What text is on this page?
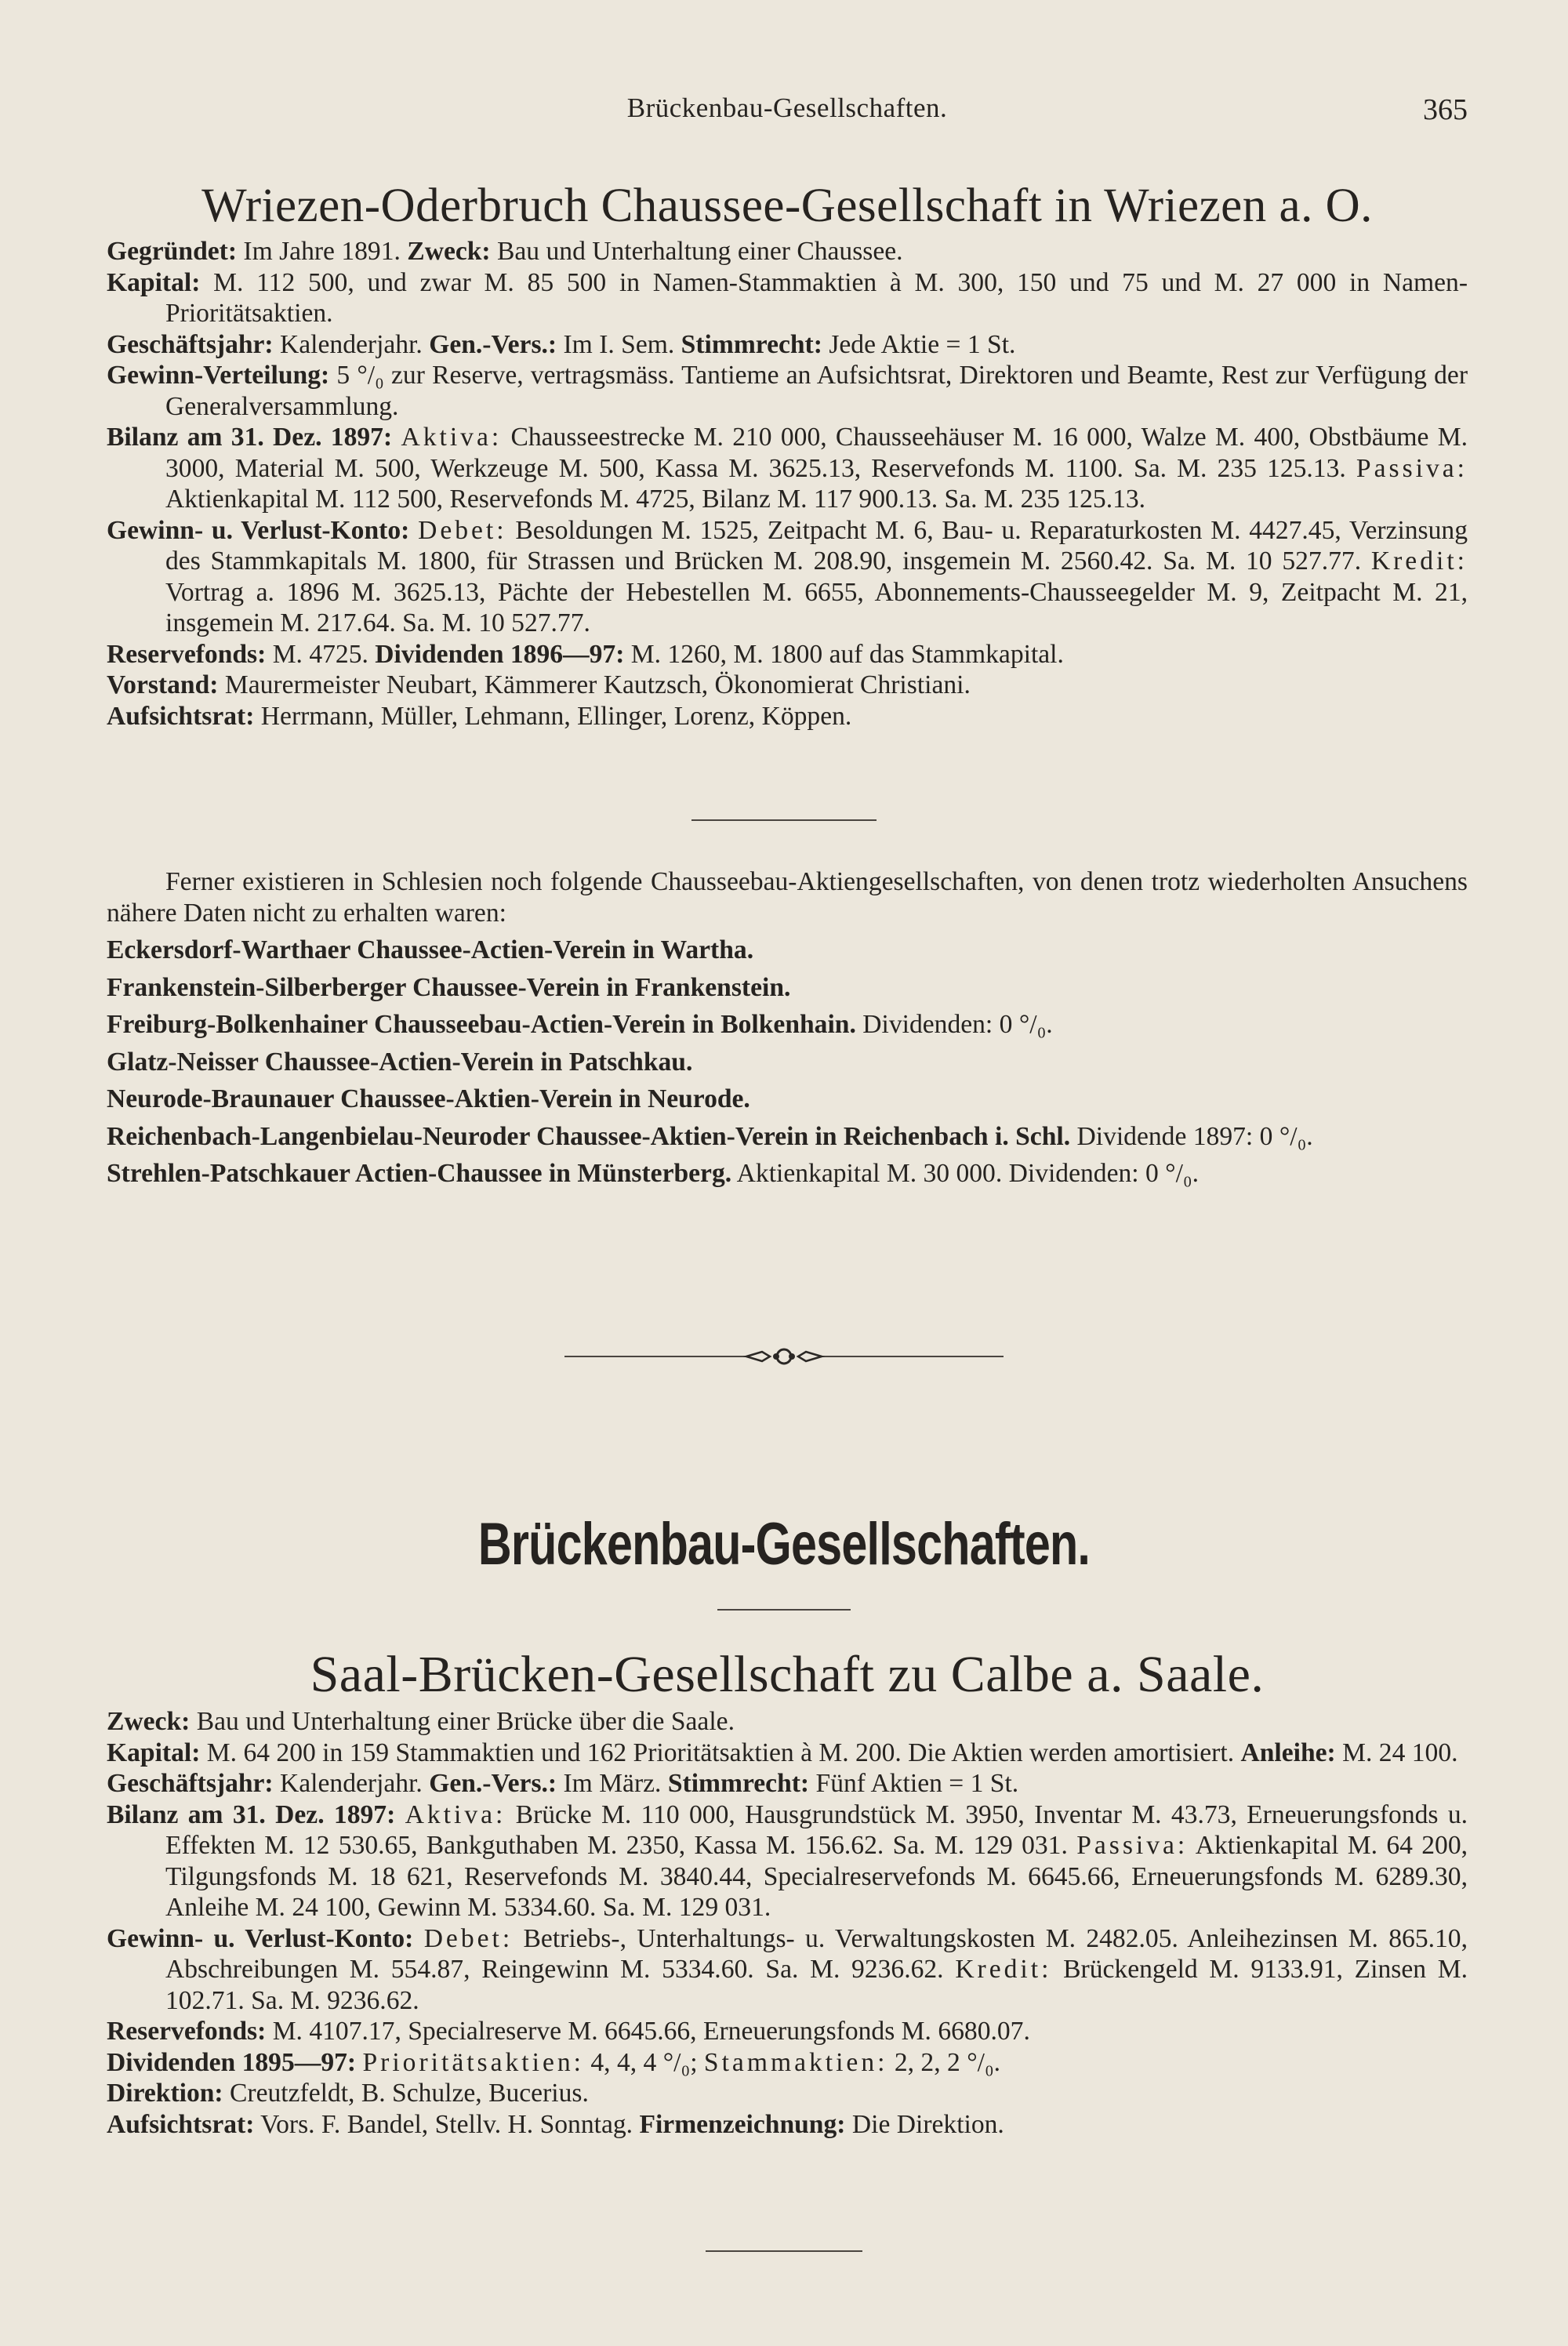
Brückenbau-Gesellschaften.	365
Wriezen-Oderbruch Chaussee-Gesellschaft in Wriezen a. O.
Gegründet: Im Jahre 1891. Zweck: Bau und Unterhaltung einer Chaussee.
Kapital: M. 112 500, und zwar M. 85 500 in Namen-Stammaktien à M. 300, 150 und 75 und M. 27 000 in Namen-Prioritätsaktien.
Geschäftsjahr: Kalenderjahr. Gen.-Vers.: Im I. Sem. Stimmrecht: Jede Aktie = 1 St.
Gewinn-Verteilung: 5 °/₀ zur Reserve, vertragsmäss. Tantieme an Aufsichtsrat, Direktoren und Beamte, Rest zur Verfügung der Generalversammlung.
Bilanz am 31. Dez. 1897: Aktiva: Chausseestrecke M. 210 000, Chausseehäuser M. 16 000, Walze M. 400, Obstbäume M. 3000, Material M. 500, Werkzeuge M. 500, Kassa M. 3625.13, Reservefonds M. 1100. Sa. M. 235 125.13. Passiva: Aktienkapital M. 112 500, Reservefonds M. 4725, Bilanz M. 117 900.13. Sa. M. 235 125.13.
Gewinn- u. Verlust-Konto: Debet: Besoldungen M. 1525, Zeitpacht M. 6, Bau- u. Reparaturkosten M. 4427.45, Verzinsung des Stammkapitals M. 1800, für Strassen und Brücken M. 208.90, insgemein M. 2560.42. Sa. M. 10 527.77. Kredit: Vortrag a. 1896 M. 3625.13, Pächte der Hebestellen M. 6655, Abonnements-Chausseegelder M. 9, Zeitpacht M. 21, insgemein M. 217.64. Sa. M. 10 527.77.
Reservefonds: M. 4725. Dividenden 1896—97: M. 1260, M. 1800 auf das Stammkapital.
Vorstand: Maurermeister Neubart, Kämmerer Kautzsch, Ökonomierat Christiani.
Aufsichtsrat: Herrmann, Müller, Lehmann, Ellinger, Lorenz, Köppen.
Ferner existieren in Schlesien noch folgende Chausseebau-Aktiengesellschaften, von denen trotz wiederholten Ansuchens nähere Daten nicht zu erhalten waren:
Eckersdorf-Warthaer Chaussee-Actien-Verein in Wartha.
Frankenstein-Silberberger Chaussee-Verein in Frankenstein.
Freiburg-Bolkenhainer Chausseebau-Actien-Verein in Bolkenhain. Dividenden: 0 °/₀.
Glatz-Neisser Chaussee-Actien-Verein in Patschkau.
Neurode-Braunauer Chaussee-Aktien-Verein in Neurode.
Reichenbach-Langenbielau-Neuroder Chaussee-Aktien-Verein in Reichenbach i. Schl. Dividende 1897: 0 °/₀.
Strehlen-Patschkauer Actien-Chaussee in Münsterberg. Aktienkapital M. 30 000. Dividenden: 0 °/₀.
Brückenbau-Gesellschaften.
Saal-Brücken-Gesellschaft zu Calbe a. Saale.
Zweck: Bau und Unterhaltung einer Brücke über die Saale.
Kapital: M. 64 200 in 159 Stammaktien und 162 Prioritätsaktien à M. 200. Die Aktien werden amortisiert. Anleihe: M. 24 100.
Geschäftsjahr: Kalenderjahr. Gen.-Vers.: Im März. Stimmrecht: Fünf Aktien = 1 St.
Bilanz am 31. Dez. 1897: Aktiva: Brücke M. 110 000, Hausgrundstück M. 3950, Inventar M. 43.73, Erneuerungsfonds u. Effekten M. 12 530.65, Bankguthaben M. 2350, Kassa M. 156.62. Sa. M. 129 031. Passiva: Aktienkapital M. 64 200, Tilgungsfonds M. 18 621, Reservefonds M. 3840.44, Specialreservefonds M. 6645.66, Erneuerungsfonds M. 6289.30, Anleihe M. 24 100, Gewinn M. 5334.60. Sa. M. 129 031.
Gewinn- u. Verlust-Konto: Debet: Betriebs-, Unterhaltungs- u. Verwaltungskosten M. 2482.05. Anleihezinsen M. 865.10, Abschreibungen M. 554.87, Reingewinn M. 5334.60. Sa. M. 9236.62. Kredit: Brückengeld M. 9133.91, Zinsen M. 102.71. Sa. M. 9236.62.
Reservefonds: M. 4107.17, Specialreserve M. 6645.66, Erneuerungsfonds M. 6680.07.
Dividenden 1895—97: Prioritätsaktien: 4, 4, 4 °/₀; Stammaktien: 2, 2, 2 °/₀.
Direktion: Creutzfeldt, B. Schulze, Bucerius.
Aufsichtsrat: Vors. F. Bandel, Stellv. H. Sonntag. Firmenzeichnung: Die Direktion.
